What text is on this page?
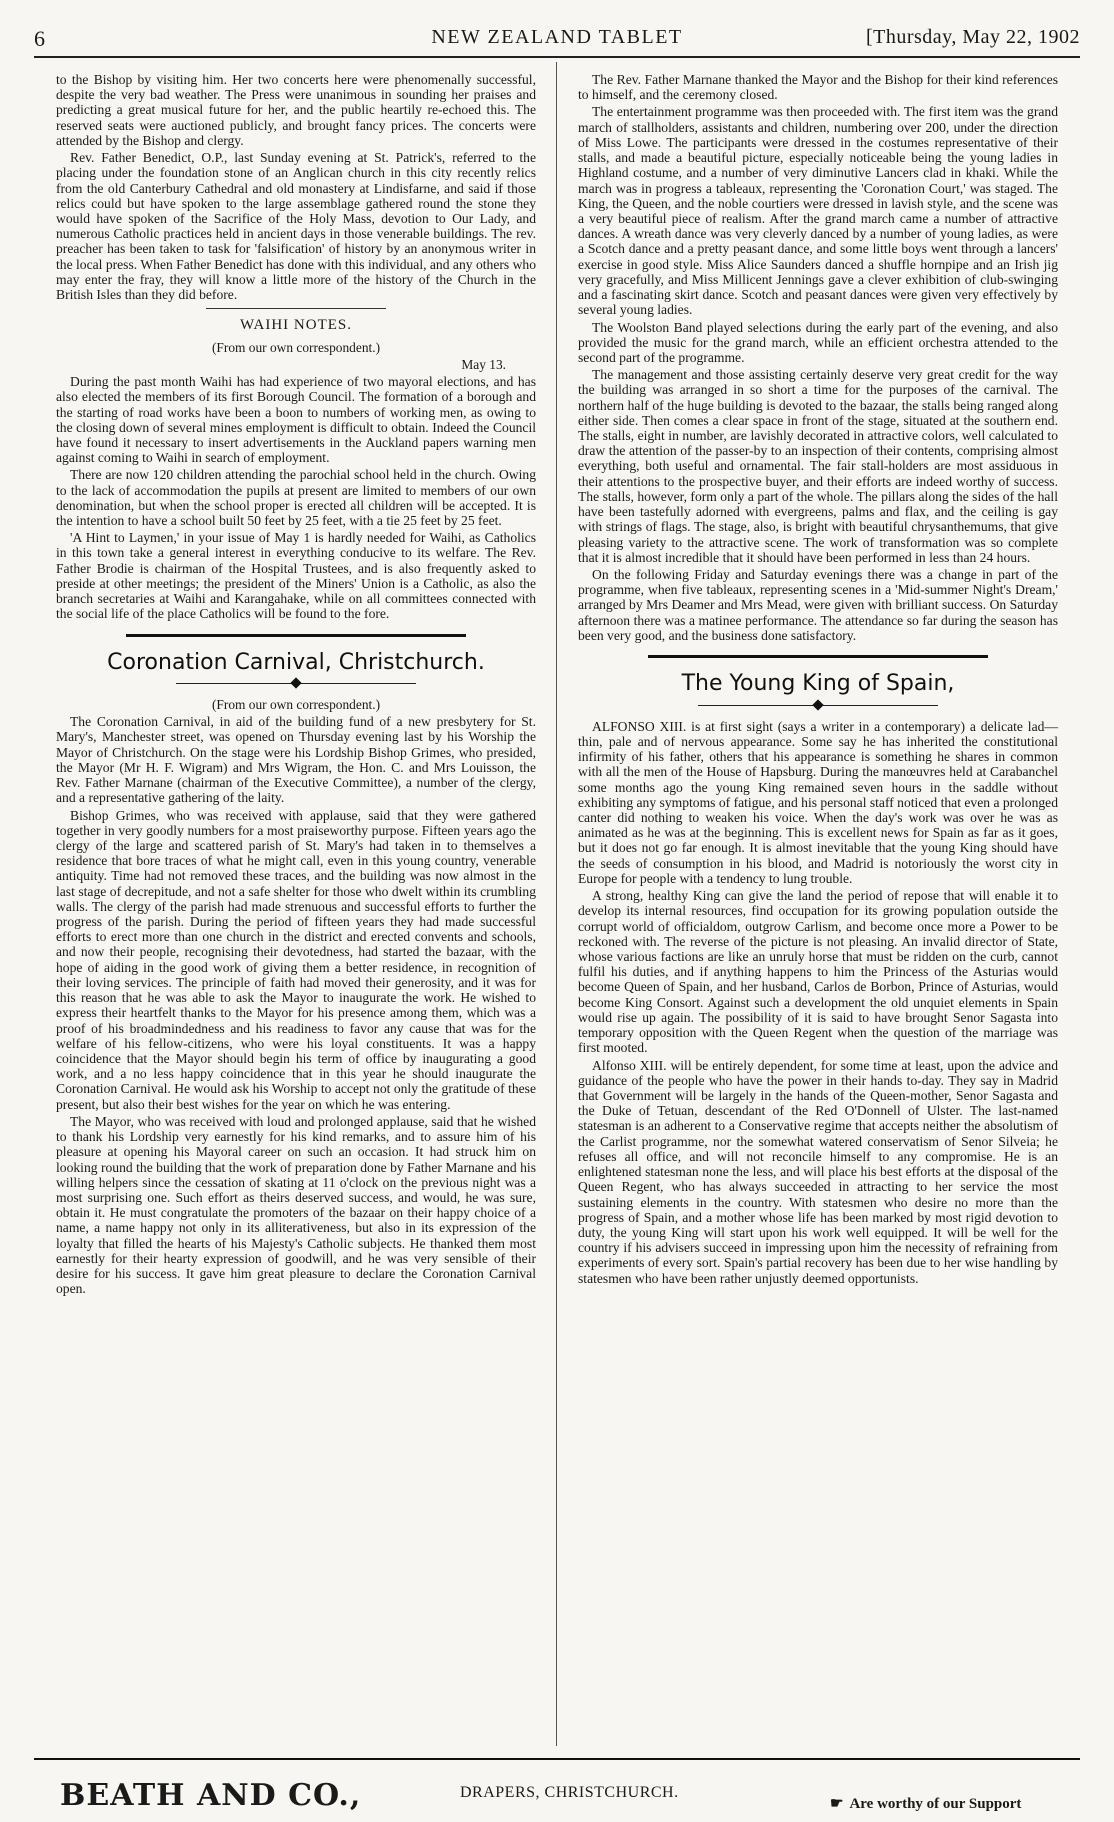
6	NEW ZEALAND TABLET	[Thursday, May 22, 1902

to the Bishop by visiting him. Her two concerts here were phenomenally successful, despite the very bad weather. The Press were unanimous in sounding her praises and predicting a great musical future for her, and the public heartily re-echoed this. The reserved seats were auctioned publicly, and brought fancy prices. The concerts were attended by the Bishop and clergy.

Rev. Father Benedict, O.P., last Sunday evening at St. Patrick's, referred to the placing under the foundation stone of an Anglican church in this city recently relics from the old Canterbury Cathedral and old monastery at Lindisfarne, and said if those relics could but have spoken to the large assemblage gathered round the stone they would have spoken of the Sacrifice of the Holy Mass, devotion to Our Lady, and numerous Catholic practices held in ancient days in those venerable buildings. The rev. preacher has been taken to task for 'falsification' of history by an anonymous writer in the local press. When Father Benedict has done with this individual, and any others who may enter the fray, they will know a little more of the history of the Church in the British Isles than they did before.

WAIHI NOTES.
(From our own correspondent.)
May 13.

During the past month Waihi has had experience of two mayoral elections, and has also elected the members of its first Borough Council. The formation of a borough and the starting of road works have been a boon to numbers of working men, as owing to the closing down of several mines employment is difficult to obtain. Indeed the Council have found it necessary to insert advertisements in the Auckland papers warning men against coming to Waihi in search of employment.

There are now 120 children attending the parochial school held in the church. Owing to the lack of accommodation the pupils at present are limited to members of our own denomination, but when the school proper is erected all children will be accepted. It is the intention to have a school built 50 feet by 25 feet, with a tie 25 feet by 25 feet.

'A Hint to Laymen,' in your issue of May 1 is hardly needed for Waihi, as Catholics in this town take a general interest in everything conducive to its welfare. The Rev. Father Brodie is chairman of the Hospital Trustees, and is also frequently asked to preside at other meetings; the president of the Miners' Union is a Catholic, as also the branch secretaries at Waihi and Karangahake, while on all committees connected with the social life of the place Catholics will be found to the fore.

Coronation Carnival, Christchurch.
(From our own correspondent.)

The Coronation Carnival, in aid of the building fund of a new presbytery for St. Mary's, Manchester street, was opened on Thursday evening last by his Worship the Mayor of Christchurch. On the stage were his Lordship Bishop Grimes, who presided, the Mayor (Mr H. F. Wigram) and Mrs Wigram, the Hon. C. and Mrs Louisson, the Rev. Father Marnane (chairman of the Executive Committee), a number of the clergy, and a representative gathering of the laity.

Bishop Grimes, who was received with applause, said that they were gathered together in very goodly numbers for a most praiseworthy purpose. Fifteen years ago the clergy of the large and scattered parish of St. Mary's had taken in to themselves a residence that bore traces of what he might call, even in this young country, venerable antiquity. Time had not removed these traces, and the building was now almost in the last stage of decrepitude, and not a safe shelter for those who dwelt within its crumbling walls. The clergy of the parish had made strenuous and successful efforts to further the progress of the parish. During the period of fifteen years they had made successful efforts to erect more than one church in the district and erected convents and schools, and now their people, recognising their devotedness, had started the bazaar, with the hope of aiding in the good work of giving them a better residence, in recognition of their loving services. The principle of faith had moved their generosity, and it was for this reason that he was able to ask the Mayor to inaugurate the work. He wished to express their heartfelt thanks to the Mayor for his presence among them, which was a proof of his broadmindedness and his readiness to favor any cause that was for the welfare of his fellow-citizens, who were his loyal constituents. It was a happy coincidence that the Mayor should begin his term of office by inaugurating a good work, and a no less happy coincidence that in this year he should inaugurate the Coronation Carnival. He would ask his Worship to accept not only the gratitude of these present, but also their best wishes for the year on which he was entering.

The Mayor, who was received with loud and prolonged applause, said that he wished to thank his Lordship very earnestly for his kind remarks, and to assure him of his pleasure at opening his Mayoral career on such an occasion. It had struck him on looking round the building that the work of preparation done by Father Marnane and his willing helpers since the cessation of skating at 11 o'clock on the previous night was a most surprising one. Such effort as theirs deserved success, and would, he was sure, obtain it. He must congratulate the promoters of the bazaar on their happy choice of a name, a name happy not only in its alliterativeness, but also in its expression of the loyalty that filled the hearts of his Majesty's Catholic subjects. He thanked them most earnestly for their hearty expression of goodwill, and he was very sensible of their desire for his success. It gave him great pleasure to declare the Coronation Carnival open.

The Rev. Father Marnane thanked the Mayor and the Bishop for their kind references to himself, and the ceremony closed.

The entertainment programme was then proceeded with. The first item was the grand march of stallholders, assistants and children, numbering over 200, under the direction of Miss Lowe. The participants were dressed in the costumes representative of their stalls, and made a beautiful picture, especially noticeable being the young ladies in Highland costume, and a number of very diminutive Lancers clad in khaki. While the march was in progress a tableaux, representing the 'Coronation Court,' was staged. The King, the Queen, and the noble courtiers were dressed in lavish style, and the scene was a very beautiful piece of realism. After the grand march came a number of attractive dances. A wreath dance was very cleverly danced by a number of young ladies, as were a Scotch dance and a pretty peasant dance, and some little boys went through a lancers' exercise in good style. Miss Alice Saunders danced a shuffle hornpipe and an Irish jig very gracefully, and Miss Millicent Jennings gave a clever exhibition of club-swinging and a fascinating skirt dance. Scotch and peasant dances were given very effectively by several young ladies.

The Woolston Band played selections during the early part of the evening, and also provided the music for the grand march, while an efficient orchestra attended to the second part of the programme.

The management and those assisting certainly deserve very great credit for the way the building was arranged in so short a time for the purposes of the carnival. The northern half of the huge building is devoted to the bazaar, the stalls being ranged along either side. Then comes a clear space in front of the stage, situated at the southern end. The stalls, eight in number, are lavishly decorated in attractive colors, well calculated to draw the attention of the passer-by to an inspection of their contents, comprising almost everything, both useful and ornamental. The fair stall-holders are most assiduous in their attentions to the prospective buyer, and their efforts are indeed worthy of success. The stalls, however, form only a part of the whole. The pillars along the sides of the hall have been tastefully adorned with evergreens, palms and flax, and the ceiling is gay with strings of flags. The stage, also, is bright with beautiful chrysanthemums, that give pleasing variety to the attractive scene. The work of transformation was so complete that it is almost incredible that it should have been performed in less than 24 hours.

On the following Friday and Saturday evenings there was a change in part of the programme, when five tableaux, representing scenes in a 'Mid-summer Night's Dream,' arranged by Mrs Deamer and Mrs Mead, were given with brilliant success. On Saturday afternoon there was a matinee performance. The attendance so far during the season has been very good, and the business done satisfactory.

The Young King of Spain,

ALFONSO XIII. is at first sight (says a writer in a contemporary) a delicate lad—thin, pale and of nervous appearance. Some say he has inherited the constitutional infirmity of his father, others that his appearance is something he shares in common with all the men of the House of Hapsburg. During the manœuvres held at Carabanchel some months ago the young King remained seven hours in the saddle without exhibiting any symptoms of fatigue, and his personal staff noticed that even a prolonged canter did nothing to weaken his voice. When the day's work was over he was as animated as he was at the beginning. This is excellent news for Spain as far as it goes, but it does not go far enough. It is almost inevitable that the young King should have the seeds of consumption in his blood, and Madrid is notoriously the worst city in Europe for people with a tendency to lung trouble.

A strong, healthy King can give the land the period of repose that will enable it to develop its internal resources, find occupation for its growing population outside the corrupt world of officialdom, outgrow Carlism, and become once more a Power to be reckoned with. The reverse of the picture is not pleasing. An invalid director of State, whose various factions are like an unruly horse that must be ridden on the curb, cannot fulfil his duties, and if anything happens to him the Princess of the Asturias would become Queen of Spain, and her husband, Carlos de Borbon, Prince of Asturias, would become King Consort. Against such a development the old unquiet elements in Spain would rise up again. The possibility of it is said to have brought Senor Sagasta into temporary opposition with the Queen Regent when the question of the marriage was first mooted.

Alfonso XIII. will be entirely dependent, for some time at least, upon the advice and guidance of the people who have the power in their hands to-day. They say in Madrid that Government will be largely in the hands of the Queen-mother, Senor Sagasta and the Duke of Tetuan, descendant of the Red O'Donnell of Ulster. The last-named statesman is an adherent to a Conservative regime that accepts neither the absolutism of the Carlist programme, nor the somewhat watered conservatism of Senor Silveia; he refuses all office, and will not reconcile himself to any compromise. He is an enlightened statesman none the less, and will place his best efforts at the disposal of the Queen Regent, who has always succeeded in attracting to her service the most sustaining elements in the country. With statesmen who desire no more than the progress of Spain, and a mother whose life has been marked by most rigid devotion to duty, the young King will start upon his work well equipped. It will be well for the country if his advisers succeed in impressing upon him the necessity of refraining from experiments of every sort. Spain's partial recovery has been due to her wise handling by statesmen who have been rather unjustly deemed opportunists.

BEATH AND CO.,	DRAPERS, CHRISTCHURCH.
☛ Are worthy of our Support
